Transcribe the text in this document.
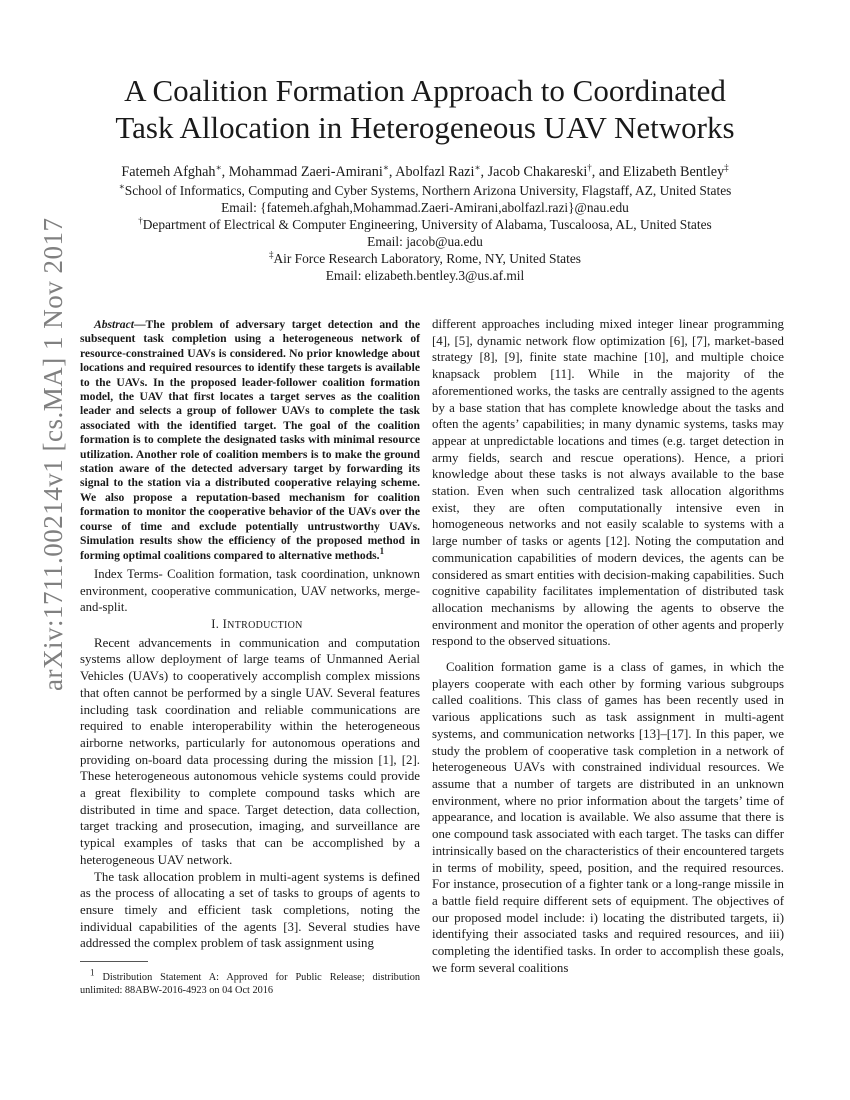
arXiv:1711.00214v1 [cs.MA] 1 Nov 2017
A Coalition Formation Approach to Coordinated
Task Allocation in Heterogeneous UAV Networks
Fatemeh Afghah∗, Mohammad Zaeri-Amirani∗, Abolfazl Razi∗, Jacob Chakareski†, and Elizabeth Bentley‡
∗School of Informatics, Computing and Cyber Systems, Northern Arizona University, Flagstaff, AZ, United States
Email: {fatemeh.afghah,Mohammad.Zaeri-Amirani,abolfazl.razi}@nau.edu
†Department of Electrical & Computer Engineering, University of Alabama, Tuscaloosa, AL, United States
Email: jacob@ua.edu
‡Air Force Research Laboratory, Rome, NY, United States
Email: elizabeth.bentley.3@us.af.mil

Abstract—The problem of adversary target detection and the subsequent task completion using a heterogeneous network of resource-constrained UAVs is considered. No prior knowledge about locations and required resources to identify these targets is available to the UAVs. In the proposed leader-follower coalition formation model, the UAV that first locates a target serves as the coalition leader and selects a group of follower UAVs to complete the task associated with the identified target. The goal of the coalition formation is to complete the designated tasks with minimal resource utilization. Another role of coalition members is to make the ground station aware of the detected adversary target by forwarding its signal to the station via a distributed cooperative relaying scheme. We also propose a reputation-based mechanism for coalition formation to monitor the cooperative behavior of the UAVs over the course of time and exclude potentially untrustworthy UAVs. Simulation results show the efficiency of the proposed method in forming optimal coalitions compared to alternative methods.$^1$

Index Terms- Coalition formation, task coordination, unknown environment, cooperative communication, UAV networks, merge-and-split.

I. INTRODUCTION

Recent advancements in communication and computation systems allow deployment of large teams of Unmanned Aerial Vehicles (UAVs) to cooperatively accomplish complex missions that often cannot be performed by a single UAV. Several features including task coordination and reliable communications are required to enable interoperability within the heterogeneous airborne networks, particularly for autonomous operations and providing on-board data processing during the mission [1], [2]. These heterogeneous autonomous vehicle systems could provide a great flexibility to complete compound tasks which are distributed in time and space. Target detection, data collection, target tracking and prosecution, imaging, and surveillance are typical examples of tasks that can be accomplished by a heterogeneous UAV network.

The task allocation problem in multi-agent systems is defined as the process of allocating a set of tasks to groups of agents to ensure timely and efficient task completions, noting the individual capabilities of the agents [3]. Several studies have addressed the complex problem of task assignment using

$^1$ Distribution Statement A: Approved for Public Release; distribution unlimited: 88ABW-2016-4923 on 04 Oct 2016

different approaches including mixed integer linear programming [4], [5], dynamic network flow optimization [6], [7], market-based strategy [8], [9], finite state machine [10], and multiple choice knapsack problem [11]. While in the majority of the aforementioned works, the tasks are centrally assigned to the agents by a base station that has complete knowledge about the tasks and often the agents’ capabilities; in many dynamic systems, tasks may appear at unpredictable locations and times (e.g. target detection in army fields, search and rescue operations). Hence, a priori knowledge about these tasks is not always available to the base station. Even when such centralized task allocation algorithms exist, they are often computationally intensive even in homogeneous networks and not easily scalable to systems with a large number of tasks or agents [12]. Noting the computation and communication capabilities of modern devices, the agents can be considered as smart entities with decision-making capabilities. Such cognitive capability facilitates implementation of distributed task allocation mechanisms by allowing the agents to observe the environment and monitor the operation of other agents and properly respond to the observed situations.

Coalition formation game is a class of games, in which the players cooperate with each other by forming various subgroups called coalitions. This class of games has been recently used in various applications such as task assignment in multi-agent systems, and communication networks [13]–[17]. In this paper, we study the problem of cooperative task completion in a network of heterogeneous UAVs with constrained individual resources. We assume that a number of targets are distributed in an unknown environment, where no prior information about the targets’ time of appearance, and location is available. We also assume that there is one compound task associated with each target. The tasks can differ intrinsically based on the characteristics of their encountered targets in terms of mobility, speed, position, and the required resources. For instance, prosecution of a fighter tank or a long-range missile in a battle field require different sets of equipment. The objectives of our proposed model include: i) locating the distributed targets, ii) identifying their associated tasks and required resources, and iii) completing the identified tasks. In order to accomplish these goals, we form several coalitions
